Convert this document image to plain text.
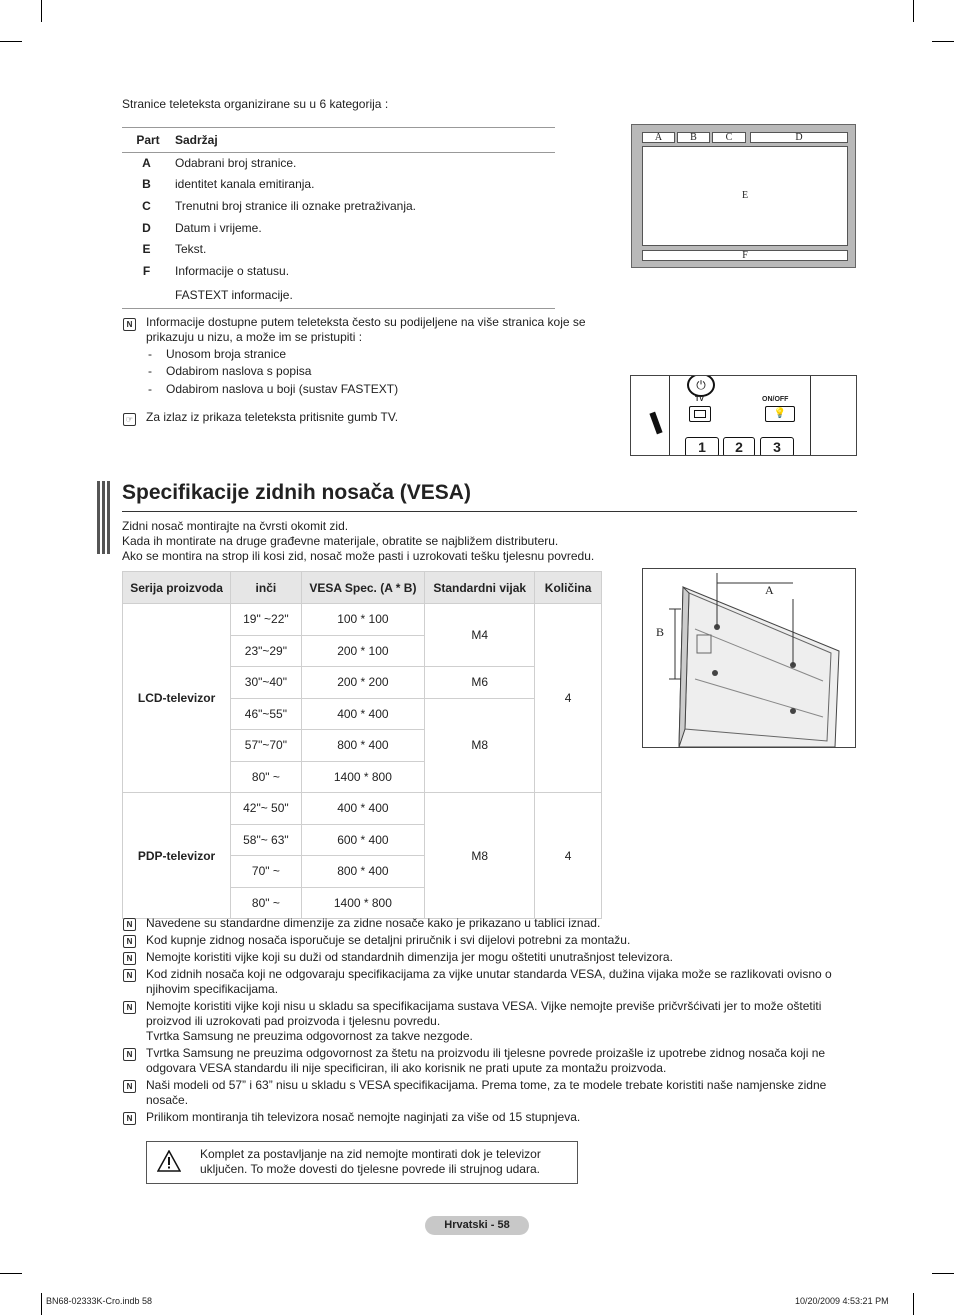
Stranice teleteksta organizirane su u 6 kategorija :
Part	Sadržaj
A	Odabrani broj stranice.
B	identitet kanala emitiranja.
C	Trenutni broj stranice ili oznake pretraživanja.
D	Datum i vrijeme.
E	Tekst.
F	Informacije o statusu.
	FASTEXT informacije.
A	B	C	D
E
F
N	Informacije dostupne putem teleteksta često su podijeljene na više stranica koje se
prikazuju u nizu, a može im se pristupiti :
- Unosom broja stranice
- Odabirom naslova s popisa
- Odabirom naslova u boji (sustav FASTEXT)
☞ Za izlaz iz prikaza teleteksta pritisnite gumb TV.
⏻
TV	ON/OFF
💡
1	2	3
Specifikacije zidnih nosača (VESA)
Zidni nosač montirajte na čvrsti okomit zid.
Kada ih montirate na druge građevne materijale, obratite se najbližem distributeru.
Ako se montira na strop ili kosi zid, nosač može pasti i uzrokovati tešku tjelesnu povredu.
Serija proizvoda	inči	VESA Spec. (A * B)	Standardni vijak	Količina
LCD-televizor	19" ~22"	100 * 100	M4	4
	23"~29"	200 * 100		
	30"~40"	200 * 200	M6	
	46"~55"	400 * 400	M8	
	57"~70"	800 * 400		
	80" ~	1400 * 800		
PDP-televizor	42"~ 50"	400 * 400	M8	4
	58"~ 63"	600 * 400		
	70" ~	800 * 400		
	80" ~	1400 * 800		
A
B
N	Navedene su standardne dimenzije za zidne nosače kako je prikazano u tablici iznad.
N	Kod kupnje zidnog nosača isporučuje se detaljni priručnik i svi dijelovi potrebni za montažu.
N	Nemojte koristiti vijke koji su duži od standardnih dimenzija jer mogu oštetiti unutrašnjost televizora.
N	Kod zidnih nosača koji ne odgovaraju specifikacijama za vijke unutar standarda VESA, dužina vijaka može se razlikovati ovisno o
njihovim specifikacijama.
N	Nemojte koristiti vijke koji nisu u skladu sa specifikacijama sustava VESA. Vijke nemojte previše pričvršćivati jer to može oštetiti
proizvod ili uzrokovati pad proizvoda i tjelesnu povredu.
Tvrtka Samsung ne preuzima odgovornost za takve nezgode.
N	Tvrtka Samsung ne preuzima odgovornost za štetu na proizvodu ili tjelesne povrede proizašle iz upotrebe zidnog nosača koji ne
odgovara VESA standardu ili nije specificiran, ili ako korisnik ne prati upute za montažu proizvoda.
N	Naši modeli od 57” i 63” nisu u skladu s VESA specifikacijama. Prema tome, za te modele trebate koristiti naše namjenske zidne
nosače.
N	Prilikom montiranja tih televizora nosač nemojte naginjati za više od 15 stupnjeva.
Komplet za postavljanje na zid nemojte montirati dok je televizor
uključen. To može dovesti do tjelesne povrede ili strujnog udara.
Hrvatski - 58
BN68-02333K-Cro.indb 58	10/20/2009 4:53:21 PM
